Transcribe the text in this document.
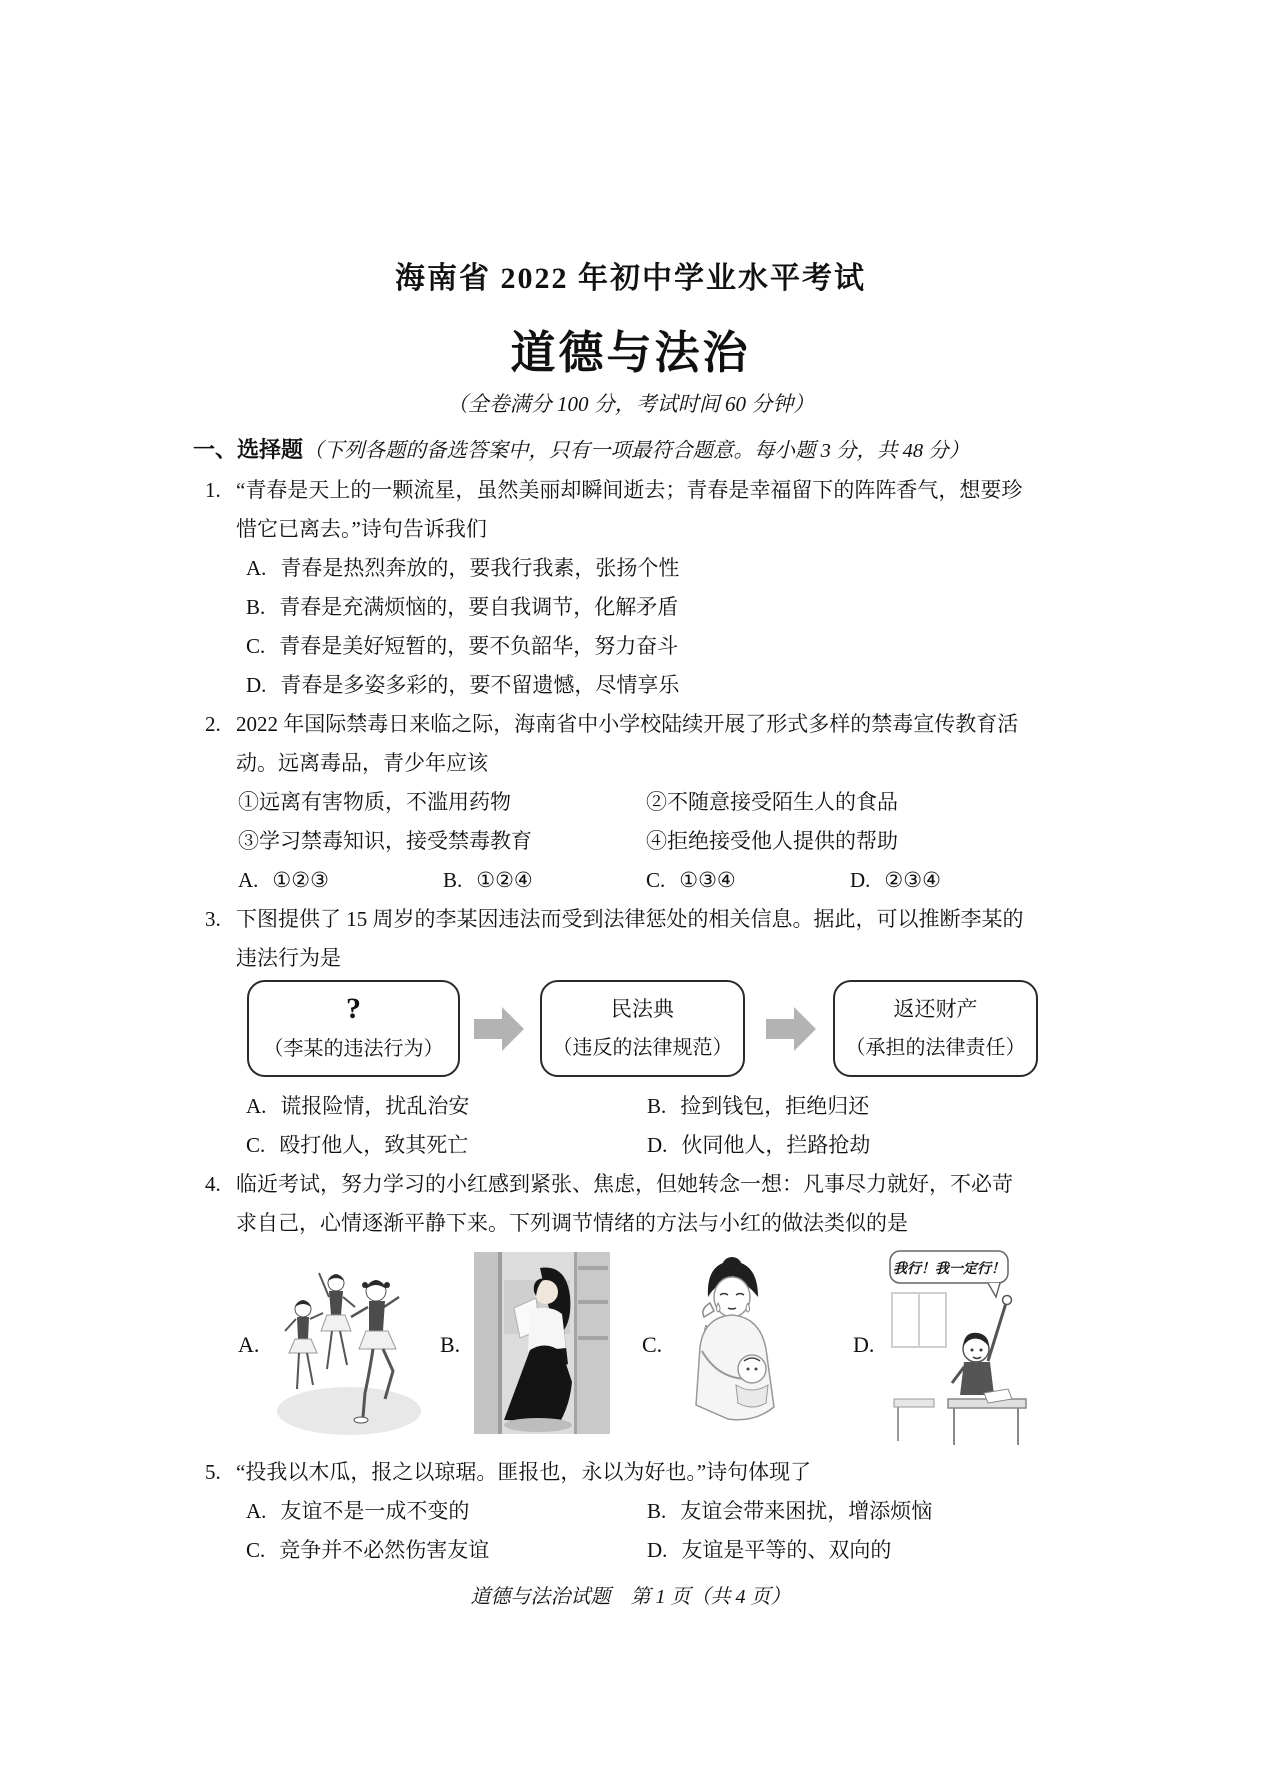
海南省 2022 年初中学业水平考试
道德与法治
（全卷满分 100 分，考试时间 60 分钟）
一、选择题（下列各题的备选答案中，只有一项最符合题意。每小题 3 分，共 48 分）
1. “青春是天上的一颗流星，虽然美丽却瞬间逝去；青春是幸福留下的阵阵香气，想要珍
惜它已离去。”诗句告诉我们
A. 青春是热烈奔放的，要我行我素，张扬个性
B. 青春是充满烦恼的，要自我调节，化解矛盾
C. 青春是美好短暂的，要不负韶华，努力奋斗
D. 青春是多姿多彩的，要不留遗憾，尽情享乐
2. 2022 年国际禁毒日来临之际，海南省中小学校陆续开展了形式多样的禁毒宣传教育活
动。远离毒品，青少年应该
①远离有害物质，不滥用药物	②不随意接受陌生人的食品
③学习禁毒知识，接受禁毒教育	④拒绝接受他人提供的帮助
A. ①②③	B. ①②④	C. ①③④	D. ②③④
3. 下图提供了 15 周岁的李某因违法而受到法律惩处的相关信息。据此，可以推断李某的
违法行为是
?
（李某的违法行为）
民法典
（违反的法律规范）
返还财产
（承担的法律责任）
A. 谎报险情，扰乱治安	B. 捡到钱包，拒绝归还
C. 殴打他人，致其死亡	D. 伙同他人，拦路抢劫
4. 临近考试，努力学习的小红感到紧张、焦虑，但她转念一想：凡事尽力就好，不必苛
求自己，心情逐渐平静下来。下列调节情绪的方法与小红的做法类似的是
A.	B.	C.	D.
我行！我一定行！
5. “投我以木瓜，报之以琼琚。匪报也，永以为好也。”诗句体现了
A. 友谊不是一成不变的	B. 友谊会带来困扰，增添烦恼
C. 竞争并不必然伤害友谊	D. 友谊是平等的、双向的
道德与法治试题　第 1 页（共 4 页）
